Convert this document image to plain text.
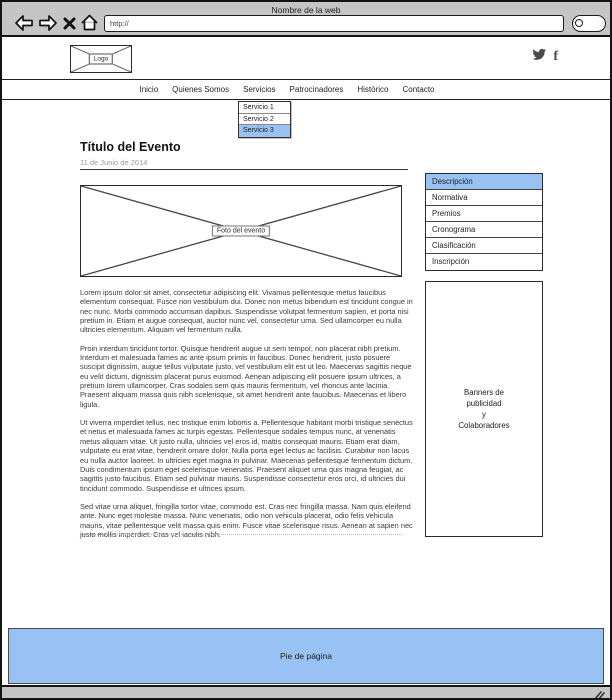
Nombre de la web
http://
Logo	f
Inicio Quienes Somos Servicios Patrocinadores Histórico Contacto
Servicio 1
Servicio 2
Servicio 3
Título del Evento
11 de Junio de 2014
Foto del evento

Lorem ipsum dolor sit amet, consectetur adipiscing elit. Vivamus pellentesque metus faucibus elementum consequat. Fusce non vestibulum dui. Donec non metus bibendum est tincidunt congue in nec nunc. Morbi commodo accumsan dapibus. Suspendisse volutpat fermentum sapien, et porta nisi pretium in. Etiam et augue consequat, auctor nunc vel, consectetur urna. Sed ullamcorper eu nulla ultricies elementum. Aliquam vel fermentum nulla.

Proin interdum tincidunt tortor. Quisque hendrerit augue ut sem tempor, non placerat nibh pretium. Interdum et malesuada fames ac ante ipsum primis in faucibus. Donec hendrerit, justo posuere suscipit dignissim, augue tellus vulputate justo, vel vestibulum elit est ut leo. Maecenas sagittis neque eu velit dictum, dignissim placerat purus euismod. Aenean adipiscing elit posuere ipsum ultrices, a pretium lorem ullamcorper. Cras sodales sem quis mauris fermentum, vel rhoncus ante lacinia. Praesent aliquam massa quis nibh scelerisque, sit amet hendrerit ante faucibus. Maecenas et libero ligula.

Ut viverra imperdiet tellus, nec tristique enim lobortis a. Pellentesque habitant morbi tristique senectus et netus et malesuada fames ac turpis egestas. Pellentesque sodales tempus nunc, at venenatis metus aliquam vitae. Ut justo nulla, ultricies vel eros id, mattis consequat mauris. Etiam erat diam, vulputate eu erat vitae, hendrerit ornare dolor. Nulla porta eget lectus ac facilisis. Curabitur non lacus eu nulla auctor laoreet. In ultricies eget magna in pulvinar. Maecenas pellentesque fermentum dictum. Duis condimentum ipsum eget scelerisque venenatis. Praesent aliquet urna quis magna feugiat, ac sagittis justo faucibus. Etiam sed pulvinar mauris. Suspendisse consectetur eros orci, id ultricies dui tincidunt commodo. Suspendisse et ultrices ipsum.

Sed vitae urna aliquet, fringilla tortor vitae, commodo est. Cras nec fringilla massa. Nam quis eleifend ante. Nunc eget molestie massa. Nunc venenatis, odio non vehicula placerat, odio felis vehicula mauris, vitae pellentesque velit massa quis enim. Fusce vitae scelerisque risus. Aenean at sapien nec justo mollis imperdiet. Cras vel iaculis nibh.

Descripción
Normativa
Premios
Cronograma
Clasificación
Inscripción
Banners de
publicidad
y
Colaboradores
Pie de página
